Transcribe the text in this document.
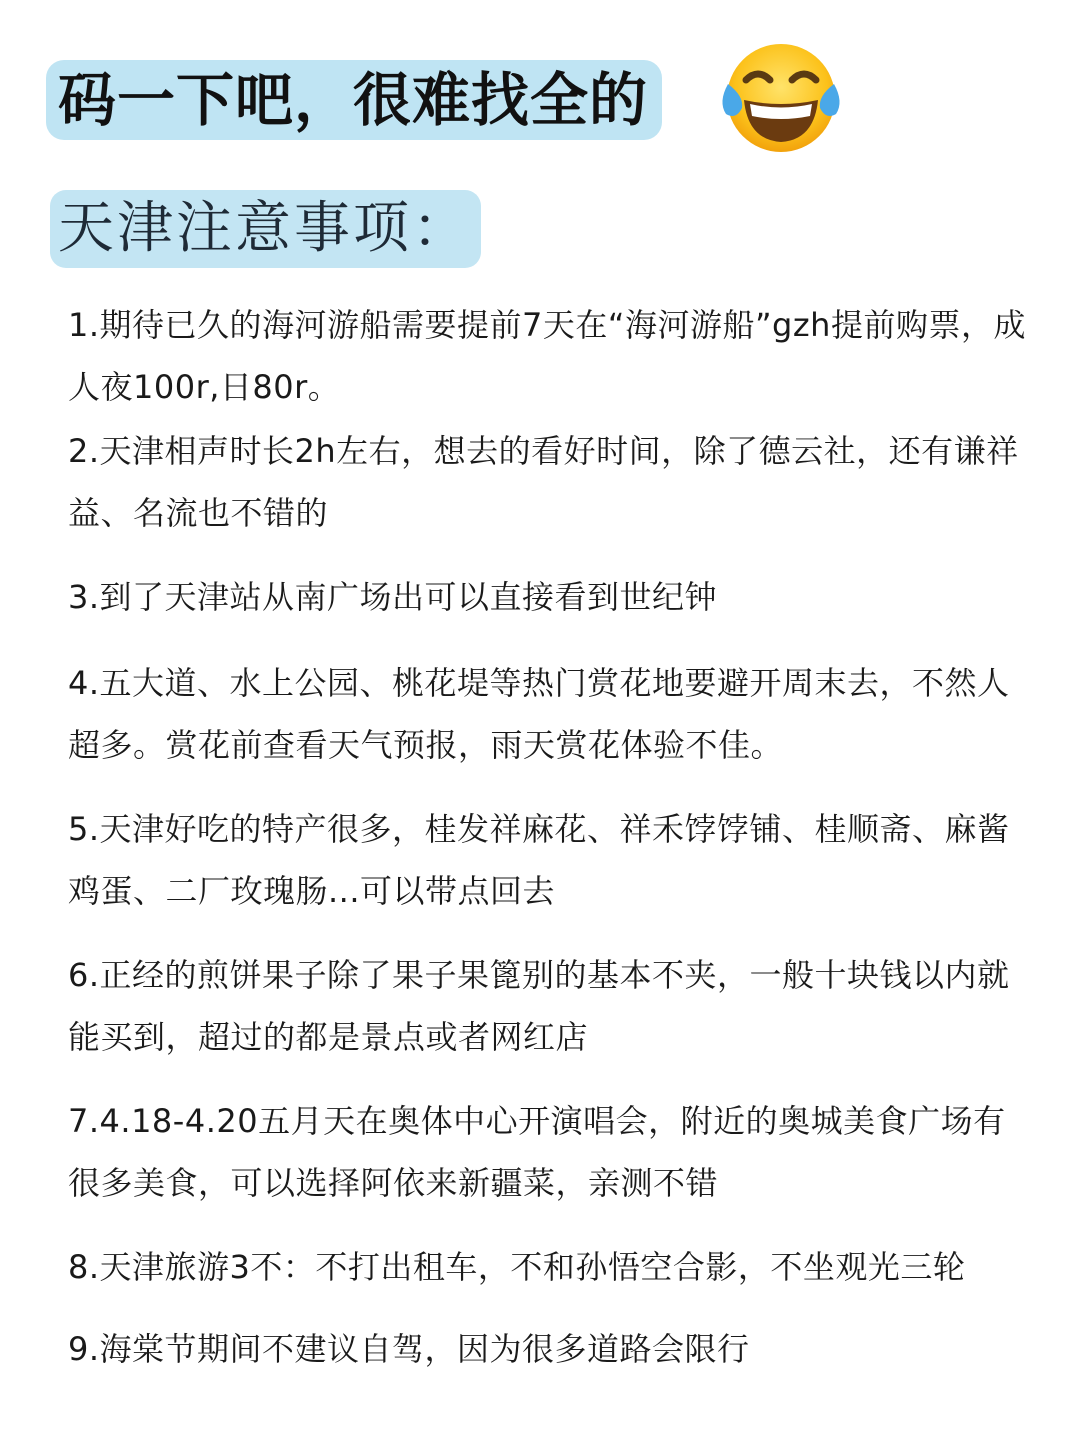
码一下吧，很难找全的
天津注意事项：
1.期待已久的海河游船需要提前7天在“海河游船”gzh提前购票，成人夜100r,日80r。
2.天津相声时长2h左右，想去的看好时间，除了德云社，还有谦祥益、名流也不错的
3.到了天津站从南广场出可以直接看到世纪钟
4.五大道、水上公园、桃花堤等热门赏花地要避开周末去，不然人超多。赏花前查看天气预报，雨天赏花体验不佳。
5.天津好吃的特产很多，桂发祥麻花、祥禾饽饽铺、桂顺斋、麻酱鸡蛋、二厂玫瑰肠...可以带点回去
6.正经的煎饼果子除了果子果篦别的基本不夹，一般十块钱以内就能买到，超过的都是景点或者网红店
7.4.18-4.20五月天在奥体中心开演唱会，附近的奥城美食广场有很多美食，可以选择阿依来新疆菜，亲测不错
8.天津旅游3不：不打出租车，不和孙悟空合影，不坐观光三轮
9.海棠节期间不建议自驾，因为很多道路会限行
